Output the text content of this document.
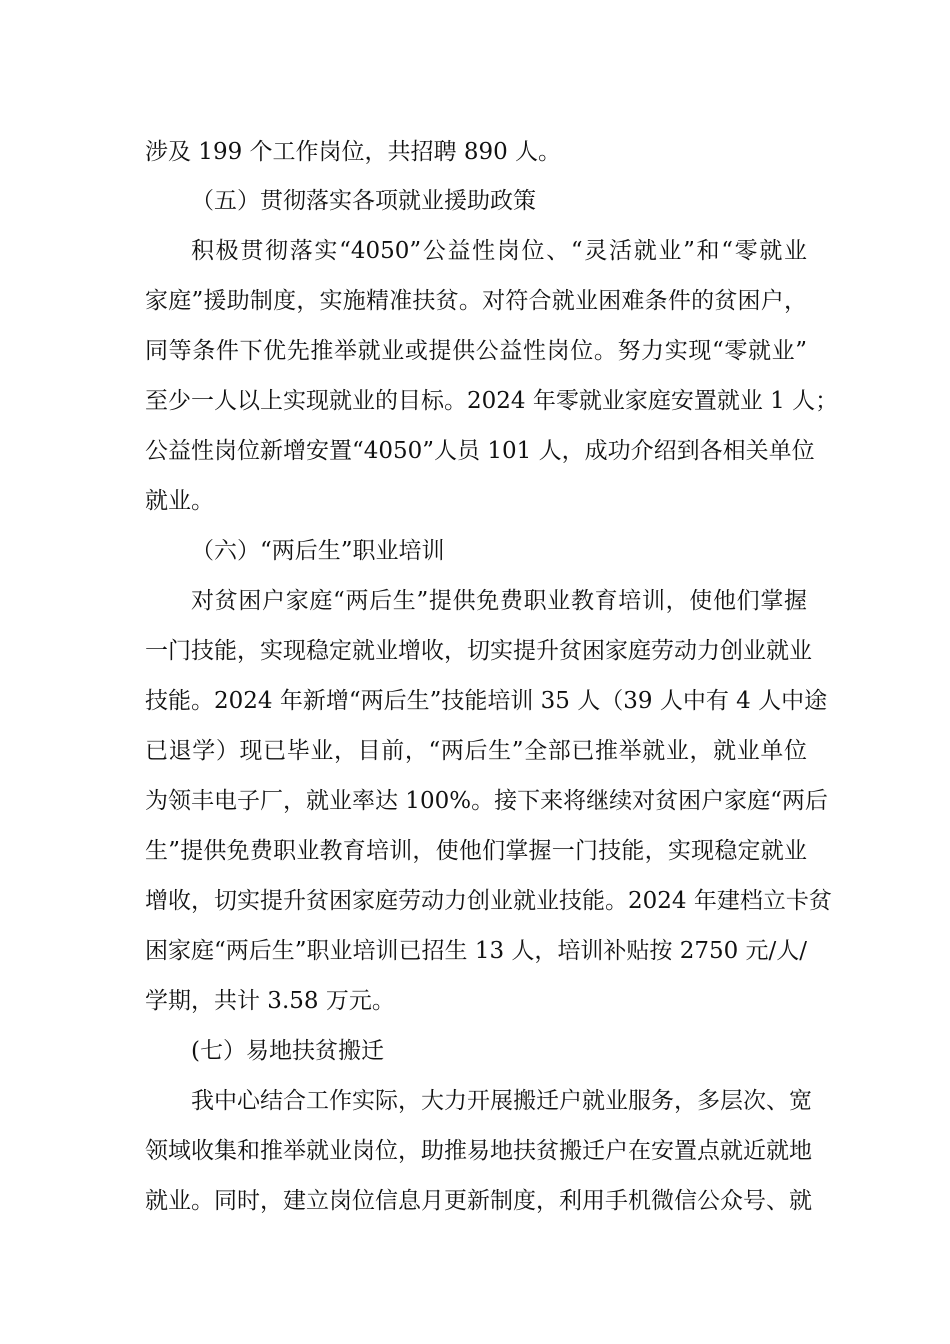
涉及 199 个工作岗位，共招聘 890 人。
（五）贯彻落实各项就业援助政策
积极贯彻落实“4050”公益性岗位、“灵活就业”和“零就业
家庭”援助制度，实施精准扶贫。对符合就业困难条件的贫困户，
同等条件下优先推举就业或提供公益性岗位。努力实现“零就业”
至少一人以上实现就业的目标。2024 年零就业家庭安置就业 1 人；
公益性岗位新增安置“4050”人员 101 人，成功介绍到各相关单位
就业。
（六）“两后生”职业培训
对贫困户家庭“两后生”提供免费职业教育培训，使他们掌握
一门技能，实现稳定就业增收，切实提升贫困家庭劳动力创业就业
技能。2024 年新增“两后生”技能培训 35 人（39 人中有 4 人中途
已退学）现已毕业，目前，“两后生”全部已推举就业，就业单位
为领丰电子厂，就业率达 100%。接下来将继续对贫困户家庭“两后
生”提供免费职业教育培训，使他们掌握一门技能，实现稳定就业
增收，切实提升贫困家庭劳动力创业就业技能。2024 年建档立卡贫
困家庭“两后生”职业培训已招生 13 人，培训补贴按 2750 元/人/
学期，共计 3.58 万元。
(七）易地扶贫搬迁
我中心结合工作实际，大力开展搬迁户就业服务，多层次、宽
领域收集和推举就业岗位，助推易地扶贫搬迁户在安置点就近就地
就业。同时，建立岗位信息月更新制度，利用手机微信公众号、就
